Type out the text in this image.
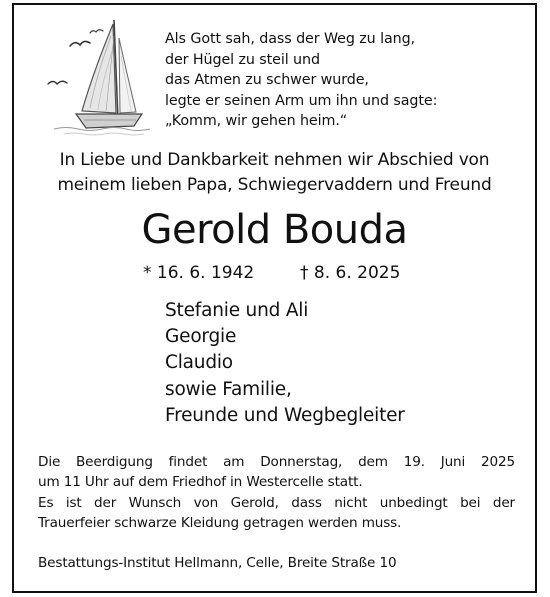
Als Gott sah, dass der Weg zu lang,
der Hügel zu steil und
das Atmen zu schwer wurde,
legte er seinen Arm um ihn und sagte:
„Komm, wir gehen heim.“
In Liebe und Dankbarkeit nehmen wir Abschied von
meinem lieben Papa, Schwiegervaddern und Freund
Gerold Bouda
* 16. 6. 1942	† 8. 6. 2025
Stefanie und Ali
Georgie
Claudio
sowie Familie,
Freunde und Wegbegleiter

Die Beerdigung findet am Donnerstag, dem 19. Juni 2025
um 11 Uhr auf dem Friedhof in Westercelle statt.

Es ist der Wunsch von Gerold, dass nicht unbedingt bei der
Trauerfeier schwarze Kleidung getragen werden muss.

Bestattungs-Institut Hellmann, Celle, Breite Straße 10
